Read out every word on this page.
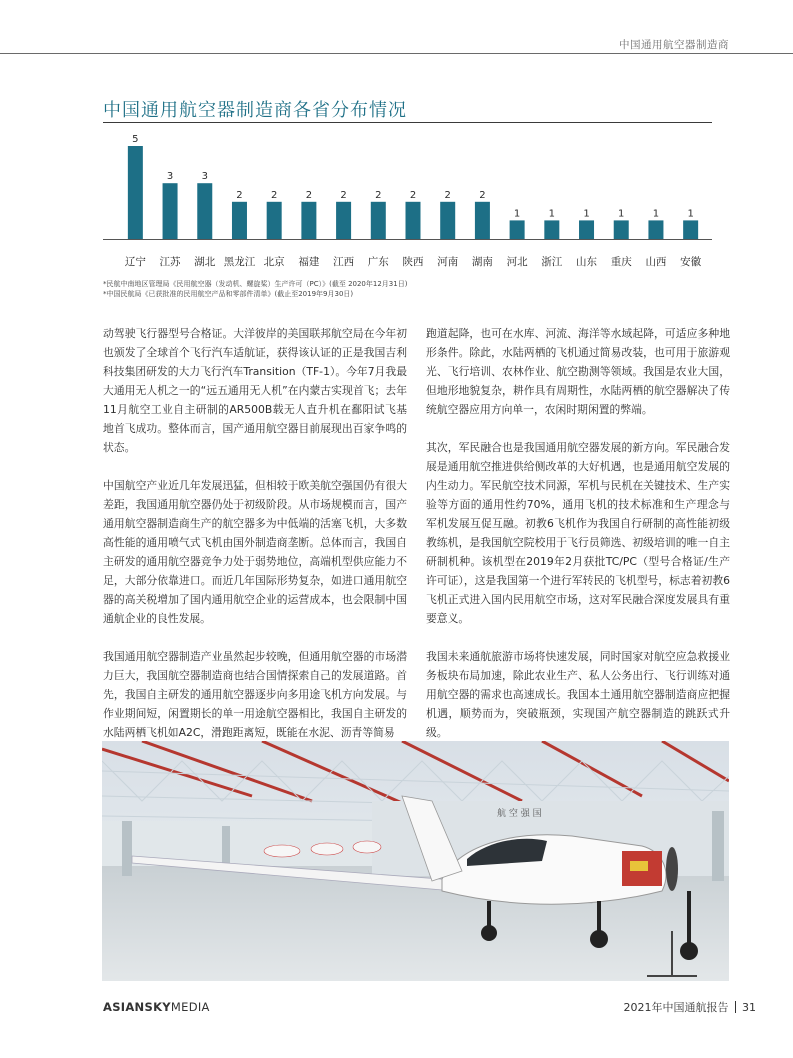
中国通用航空器制造商
中国通用航空器制造商各省分布情况
5
辽宁
3
江苏
3
湖北
2
黑龙江
2
北京
2
福建
2
江西
2
广东
2
陕西
2
河南
2
湖南
1
河北
1
浙江
1
山东
1
重庆
1
山西
1
安徽
*民航中南地区管理局《民用航空器（发动机、螺旋桨）生产许可（PC）》(截至 2020年12月31日)
*中国民航局《已获批准的民用航空产品和零部件清单》(截止至2019年9月30日)

动驾驶飞行器型号合格证。大洋彼岸的美国联邦航空局在今年初也颁发了全球首个飞行汽车适航证，获得该认证的正是我国吉利科技集团研发的大力飞行汽车Transition（TF-1）。今年7月我最大通用无人机之一的“远五通用无人机”在内蒙古实现首飞；去年11月航空工业自主研制的AR500B载无人直升机在鄱阳试飞基地首飞成功。整体而言，国产通用航空器目前展现出百家争鸣的状态。

中国航空产业近几年发展迅猛，但相较于欧美航空强国仍有很大差距，我国通用航空器仍处于初级阶段。从市场规模而言，国产通用航空器制造商生产的航空器多为中低端的活塞飞机，大多数高性能的通用喷气式飞机由国外制造商垄断。总体而言，我国自主研发的通用航空器竞争力处于弱势地位，高端机型供应能力不足，大部分依靠进口。而近几年国际形势复杂，如进口通用航空器的高关税增加了国内通用航空企业的运营成本，也会限制中国通航企业的良性发展。

我国通用航空器制造产业虽然起步较晚，但通用航空器的市场潜力巨大，我国航空器制造商也结合国情探索自己的发展道路。首先，我国自主研发的通用航空器逐步向多用途飞机方向发展。与作业期间短，闲置期长的单一用途航空器相比，我国自主研发的水陆两栖飞机如A2C，滑跑距离短，既能在水泥、沥青等简易

跑道起降，也可在水库、河流、海洋等水域起降，可适应多种地形条件。除此，水陆两栖的飞机通过简易改装，也可用于旅游观光、飞行培训、农林作业、航空勘测等领域。我国是农业大国，但地形地貌复杂，耕作具有周期性，水陆两栖的航空器解决了传统航空器应用方向单一，农闲时期闲置的弊端。

其次，军民融合也是我国通用航空器发展的新方向。军民融合发展是通用航空推进供给侧改革的大好机遇，也是通用航空发展的内生动力。军民航空技术同源，军机与民机在关键技术、生产实验等方面的通用性约70%，通用飞机的技术标准和生产理念与军机发展互促互融。初教6飞机作为我国自行研制的高性能初级教练机，是我国航空院校用于飞行员筛选、初级培训的唯一自主研制机种。该机型在2019年2月获批TC/PC（型号合格证/生产许可证），这是我国第一个进行军转民的飞机型号，标志着初教6飞机正式进入国内民用航空市场，这对军民融合深度发展具有重要意义。

我国未来通航旅游市场将快速发展，同时国家对航空应急救援业务板块布局加速，除此农业生产、私人公务出行、飞行训练对通用航空器的需求也高速成长。我国本土通用航空器制造商应把握机遇，顺势而为，突破瓶颈，实现国产航空器制造的跳跃式升级。

航 空 强 国
ASIANSKYMEDIA	2021年中国通航报告 31
